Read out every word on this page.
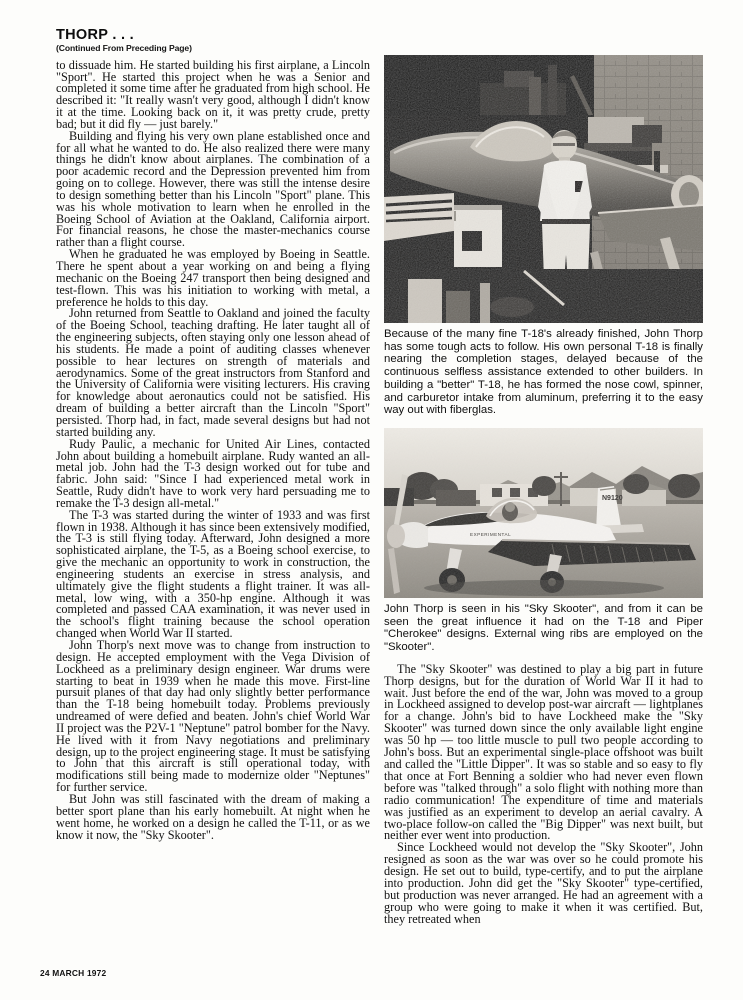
THORP . . .
(Continued From Preceding Page)

to dissuade him. He started building his first airplane, a Lincoln "Sport". He started this project when he was a Senior and completed it some time after he graduated from high school. He described it: "It really wasn't very good, although I didn't know it at the time. Looking back on it, it was pretty crude, pretty bad; but it did fly — just barely."

Building and flying his very own plane established once and for all what he wanted to do. He also realized there were many things he didn't know about airplanes. The combination of a poor academic record and the Depression prevented him from going on to college. However, there was still the intense desire to design something better than his Lincoln "Sport" plane. This was his whole motivation to learn when he enrolled in the Boeing School of Aviation at the Oakland, California airport. For financial reasons, he chose the master-mechanics course rather than a flight course.

When he graduated he was employed by Boeing in Seattle. There he spent about a year working on and being a flying mechanic on the Boeing 247 transport then being designed and test-flown. This was his initiation to working with metal, a preference he holds to this day.

John returned from Seattle to Oakland and joined the faculty of the Boeing School, teaching drafting. He later taught all of the engineering subjects, often staying only one lesson ahead of his students. He made a point of auditing classes whenever possible to hear lectures on strength of materials and aerodynamics. Some of the great instructors from Stanford and the University of California were visiting lecturers. His craving for knowledge about aeronautics could not be satisfied. His dream of building a better aircraft than the Lincoln "Sport" persisted. Thorp had, in fact, made several designs but had not started building any.

Rudy Paulic, a mechanic for United Air Lines, contacted John about building a homebuilt airplane. Rudy wanted an all-metal job. John had the T-3 design worked out for tube and fabric. John said: "Since I had experienced metal work in Seattle, Rudy didn't have to work very hard persuading me to remake the T-3 design all-metal."

The T-3 was started during the winter of 1933 and was first flown in 1938. Although it has since been extensively modified, the T-3 is still flying today. Afterward, John designed a more sophisticated airplane, the T-5, as a Boeing school exercise, to give the mechanic an opportunity to work in construction, the engineering students an exercise in stress analysis, and ultimately give the flight students a flight trainer. It was all-metal, low wing, with a 350-hp engine. Although it was completed and passed CAA examination, it was never used in the school's flight training because the school operation changed when World War II started.

John Thorp's next move was to change from instruction to design. He accepted employment with the Vega Division of Lockheed as a preliminary design engineer. War drums were starting to beat in 1939 when he made this move. First-line pursuit planes of that day had only slightly better performance than the T-18 being homebuilt today. Problems previously undreamed of were defied and beaten. John's chief World War II project was the P2V-1 "Neptune" patrol bomber for the Navy. He lived with it from Navy negotiations and preliminary design, up to the project engineering stage. It must be satisfying to John that this aircraft is still operational today, with modifications still being made to modernize older "Neptunes" for further service.

But John was still fascinated with the dream of making a better sport plane than his early homebuilt. At night when he went home, he worked on a design he called the T-11, or as we know it now, the "Sky Skooter".

Because of the many fine T-18's already finished, John Thorp has some tough acts to follow. His own personal T-18 is finally nearing the completion stages, delayed because of the continuous selfless assistance extended to other builders. In building a "better" T-18, he has formed the nose cowl, spinner, and carburetor intake from aluminum, preferring it to the easy way out with fiberglas.
N9120
EXPERIMENTAL
John Thorp is seen in his "Sky Skooter", and from it can be seen the great influence it had on the T-18 and Piper "Cherokee" designs. External wing ribs are employed on the "Skooter".

The "Sky Skooter" was destined to play a big part in future Thorp designs, but for the duration of World War II it had to wait. Just before the end of the war, John was moved to a group in Lockheed assigned to develop post-war aircraft — lightplanes for a change. John's bid to have Lockheed make the "Sky Skooter" was turned down since the only available light engine was 50 hp — too little muscle to pull two people according to John's boss. But an experimental single-place offshoot was built and called the "Little Dipper". It was so stable and so easy to fly that once at Fort Benning a soldier who had never even flown before was "talked through" a solo flight with nothing more than radio communication! The expenditure of time and materials was justified as an experiment to develop an aerial cavalry. A two-place follow-on called the "Big Dipper" was next built, but neither ever went into production.

Since Lockheed would not develop the "Sky Skooter", John resigned as soon as the war was over so he could promote his design. He set out to build, type-certify, and to put the airplane into production. John did get the "Sky Skooter" type-certified, but production was never arranged. He had an agreement with a group who were going to make it when it was certified. But, they retreated when

24 MARCH 1972
